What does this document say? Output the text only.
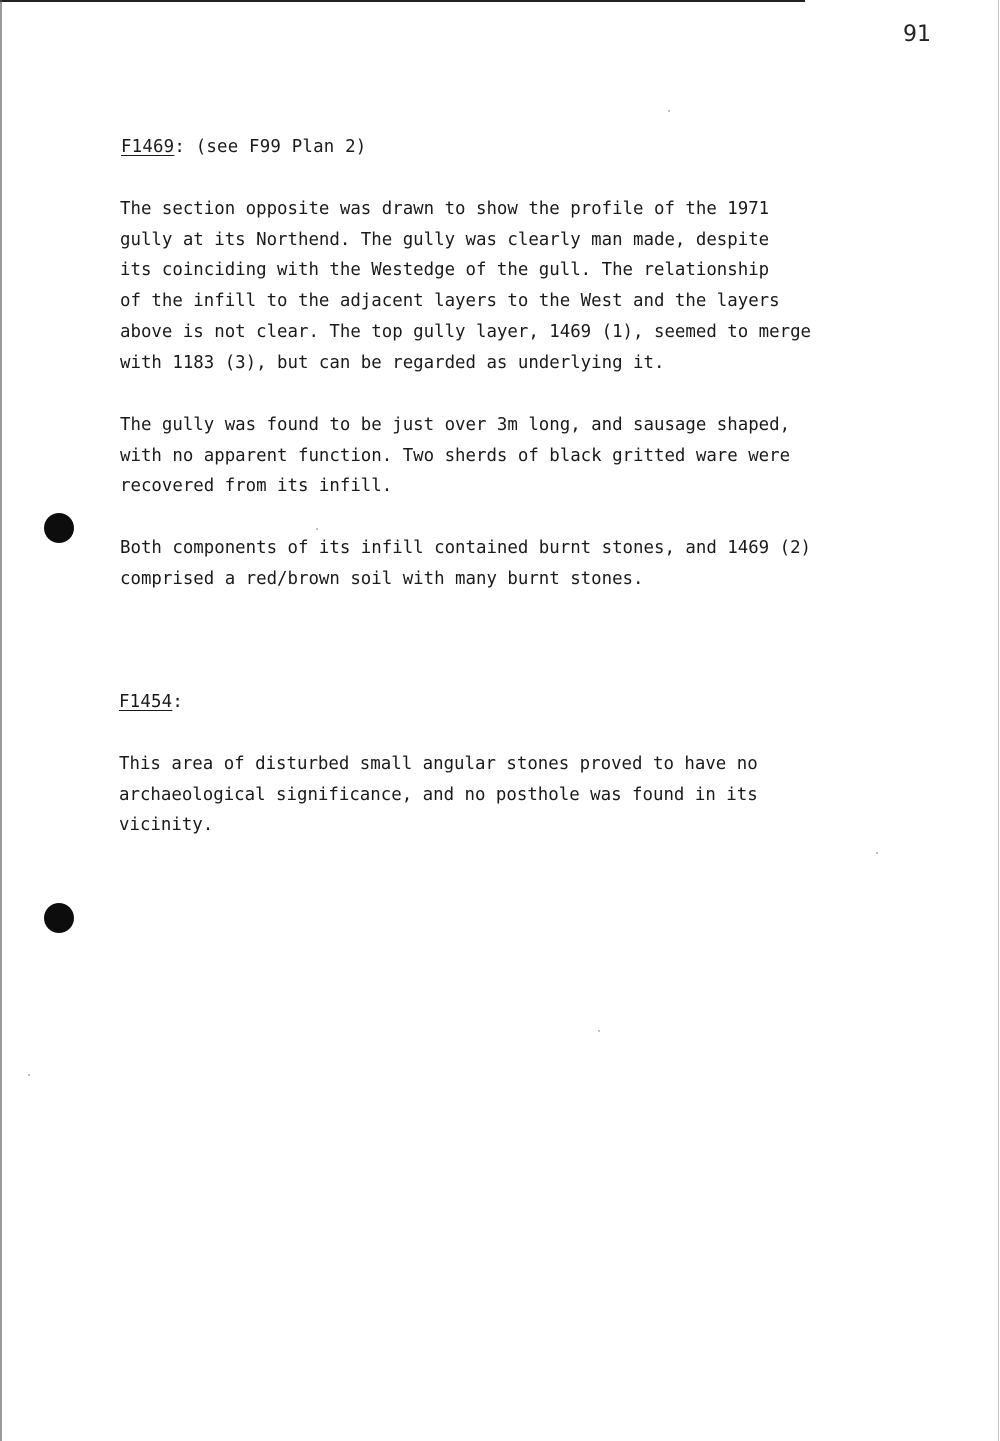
91
F1469: (see F99 Plan 2)

The section opposite was drawn to show the profile of the 1971
gully at its Northend. The gully was clearly man made, despite
its coinciding with the Westedge of the gull. The relationship
of the infill to the adjacent layers to the West and the layers
above is not clear. The top gully layer, 1469 (1), seemed to merge
with 1183 (3), but can be regarded as underlying it.

The gully was found to be just over 3m long, and sausage shaped,
with no apparent function. Two sherds of black gritted ware were
recovered from its infill.

Both components of its infill contained burnt stones, and 1469 (2)
comprised a red/brown soil with many burnt stones.

F1454:

This area of disturbed small angular stones proved to have no
archaeological significance, and no posthole was found in its
vicinity.
